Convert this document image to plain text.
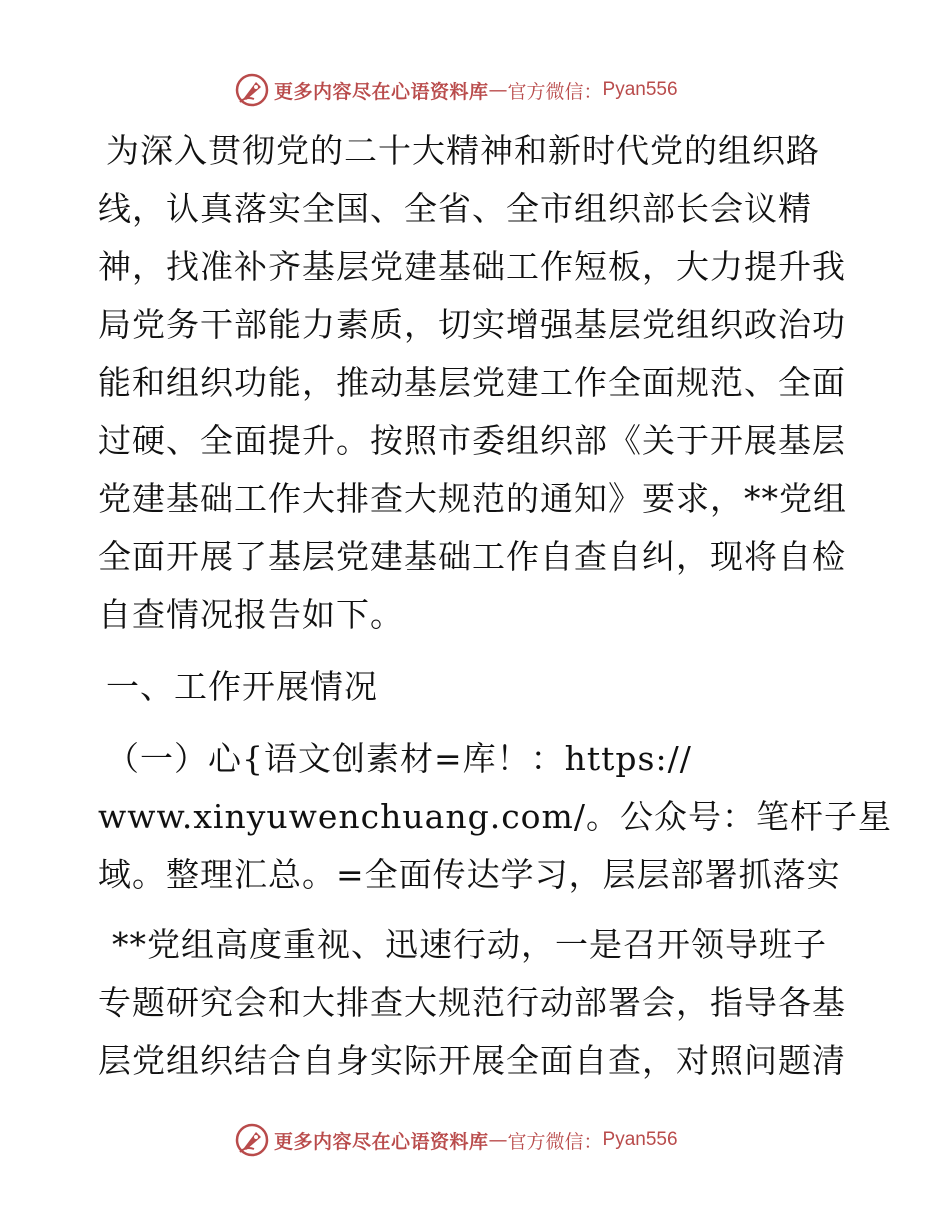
更多内容尽在心语资料库 — 官方微信： Pyan556
为深入贯彻党的二十大精神和新时代党的组织路
线，认真落实全国、全省、全市组织部长会议精
神，找准补齐基层党建基础工作短板，大力提升我
局党务干部能力素质，切实增强基层党组织政治功
能和组织功能，推动基层党建工作全面规范、全面
过硬、全面提升。按照市委组织部《关于开展基层
党建基础工作大排查大规范的通知》要求，**党组
全面开展了基层党建基础工作自查自纠，现将自检
自查情况报告如下。
一、工作开展情况
（一）心{语文创素材=库！：https://
www.xinyuwenchuang.com/。公众号：笔杆子星
域。整理汇总。=全面传达学习，层层部署抓落实
**党组高度重视、迅速行动，一是召开领导班子
专题研究会和大排查大规范行动部署会，指导各基
层党组织结合自身实际开展全面自查，对照问题清
更多内容尽在心语资料库 — 官方微信： Pyan556
